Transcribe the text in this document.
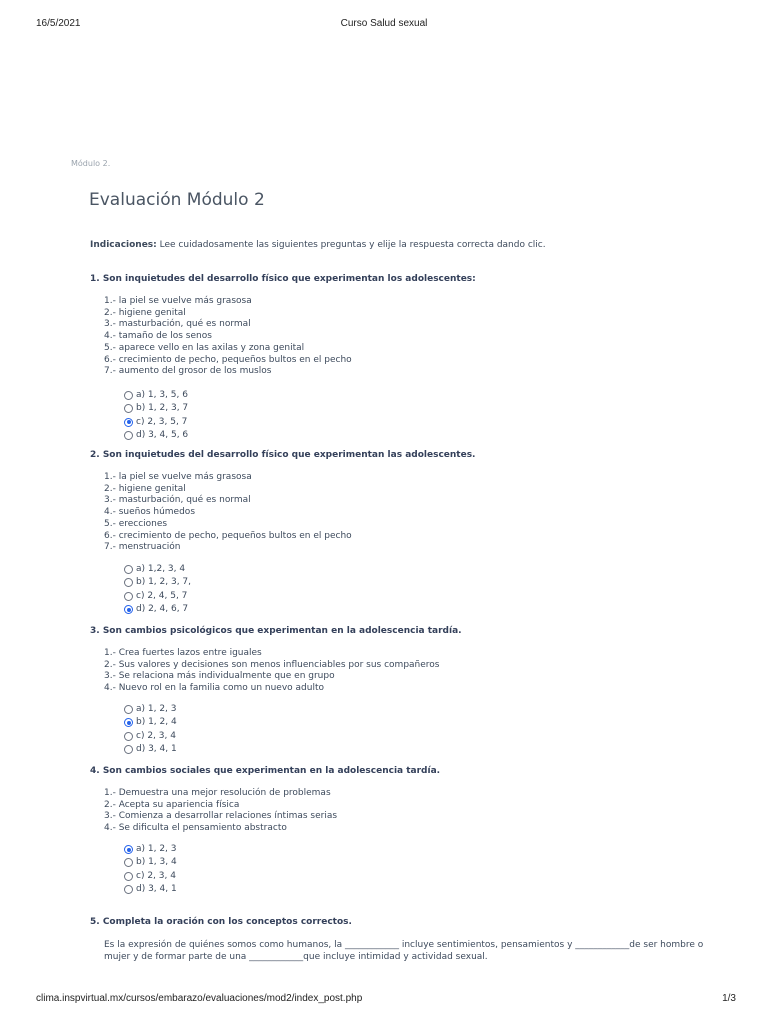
16/5/2021	Curso Salud sexual
Módulo 2.
Evaluación Módulo 2
Indicaciones: Lee cuidadosamente las siguientes preguntas y elije la respuesta correcta dando clic.
1. Son inquietudes del desarrollo físico que experimentan los adolescentes:
1.- la piel se vuelve más grasosa
2.- higiene genital
3.- masturbación, qué es normal
4.- tamaño de los senos
5.- aparece vello en las axilas y zona genital
6.- crecimiento de pecho, pequeños bultos en el pecho
7.- aumento del grosor de los muslos
a) 1, 3, 5, 6
b) 1, 2, 3, 7
c) 2, 3, 5, 7
d) 3, 4, 5, 6
2. Son inquietudes del desarrollo físico que experimentan las adolescentes.
1.- la piel se vuelve más grasosa
2.- higiene genital
3.- masturbación, qué es normal
4.- sueños húmedos
5.- erecciones
6.- crecimiento de pecho, pequeños bultos en el pecho
7.- menstruación
a) 1,2, 3, 4
b) 1, 2, 3, 7,
c) 2, 4, 5, 7
d) 2, 4, 6, 7
3. Son cambios psicológicos que experimentan en la adolescencia tardía.
1.- Crea fuertes lazos entre iguales
2.- Sus valores y decisiones son menos influenciables por sus compañeros
3.- Se relaciona más individualmente que en grupo
4.- Nuevo rol en la familia como un nuevo adulto
a) 1, 2, 3
b) 1, 2, 4
c) 2, 3, 4
d) 3, 4, 1
4. Son cambios sociales que experimentan en la adolescencia tardía.
1.- Demuestra una mejor resolución de problemas
2.- Acepta su apariencia física
3.- Comienza a desarrollar relaciones íntimas serias
4.- Se dificulta el pensamiento abstracto
a) 1, 2, 3
b) 1, 3, 4
c) 2, 3, 4
d) 3, 4, 1
5. Completa la oración con los conceptos correctos.
Es la expresión de quiénes somos como humanos, la ____________ incluye sentimientos, pensamientos y ____________de ser hombre o mujer y de formar parte de una ____________que incluye intimidad y actividad sexual.
clima.inspvirtual.mx/cursos/embarazo/evaluaciones/mod2/index_post.php	1/3
